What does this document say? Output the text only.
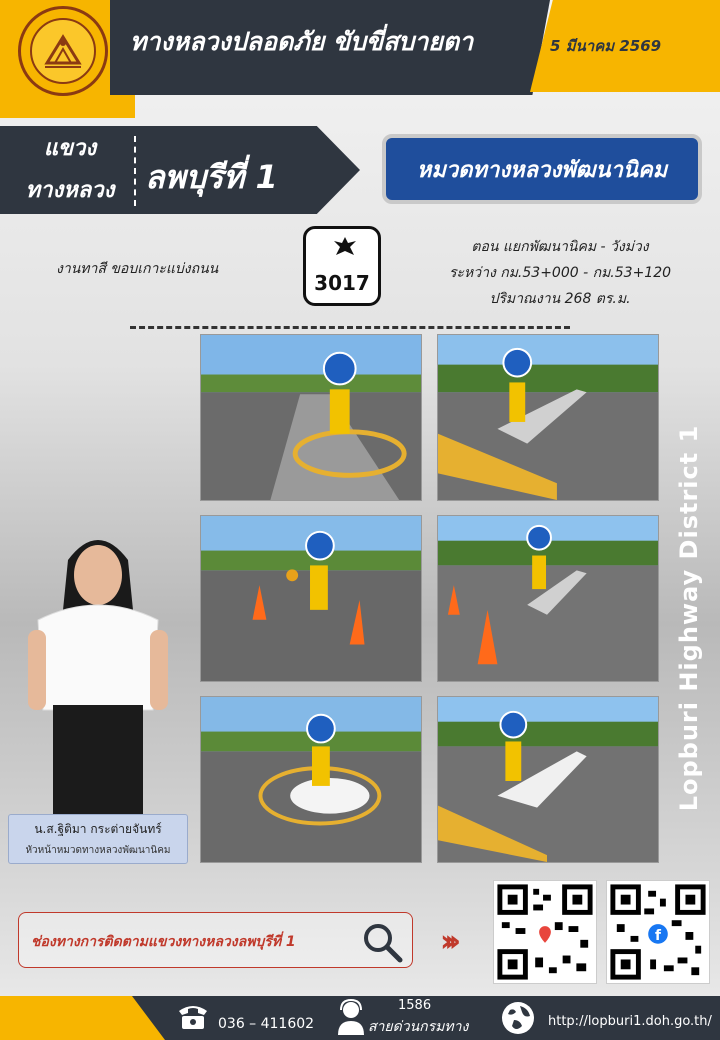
ทางหลวงปลอดภัย ขับขี่สบายตา	5 มีนาคม 2569
แขวง
ทางหลวง ลพบุรีที่ 1	หมวดทางหลวงพัฒนานิคม
งานทาสี ขอบเกาะแบ่งถนน
3017
ตอน แยกพัฒนานิคม - วังม่วง
ระหว่าง กม.53+000 - กม.53+120
ปริมาณงาน 268 ตร.ม.
Lopburi Highway District 1
น.ส.ฐิติมา กระต่ายจันทร์
หัวหน้าหมวดทางหลวงพัฒนานิคม
ช่องทางการติดตามแขวงทางหลวงลพบุรีที่ 1	›››	f
036 – 411602
1586
สายด่วนกรมทาง	http://lopburi1.doh.go.th/
